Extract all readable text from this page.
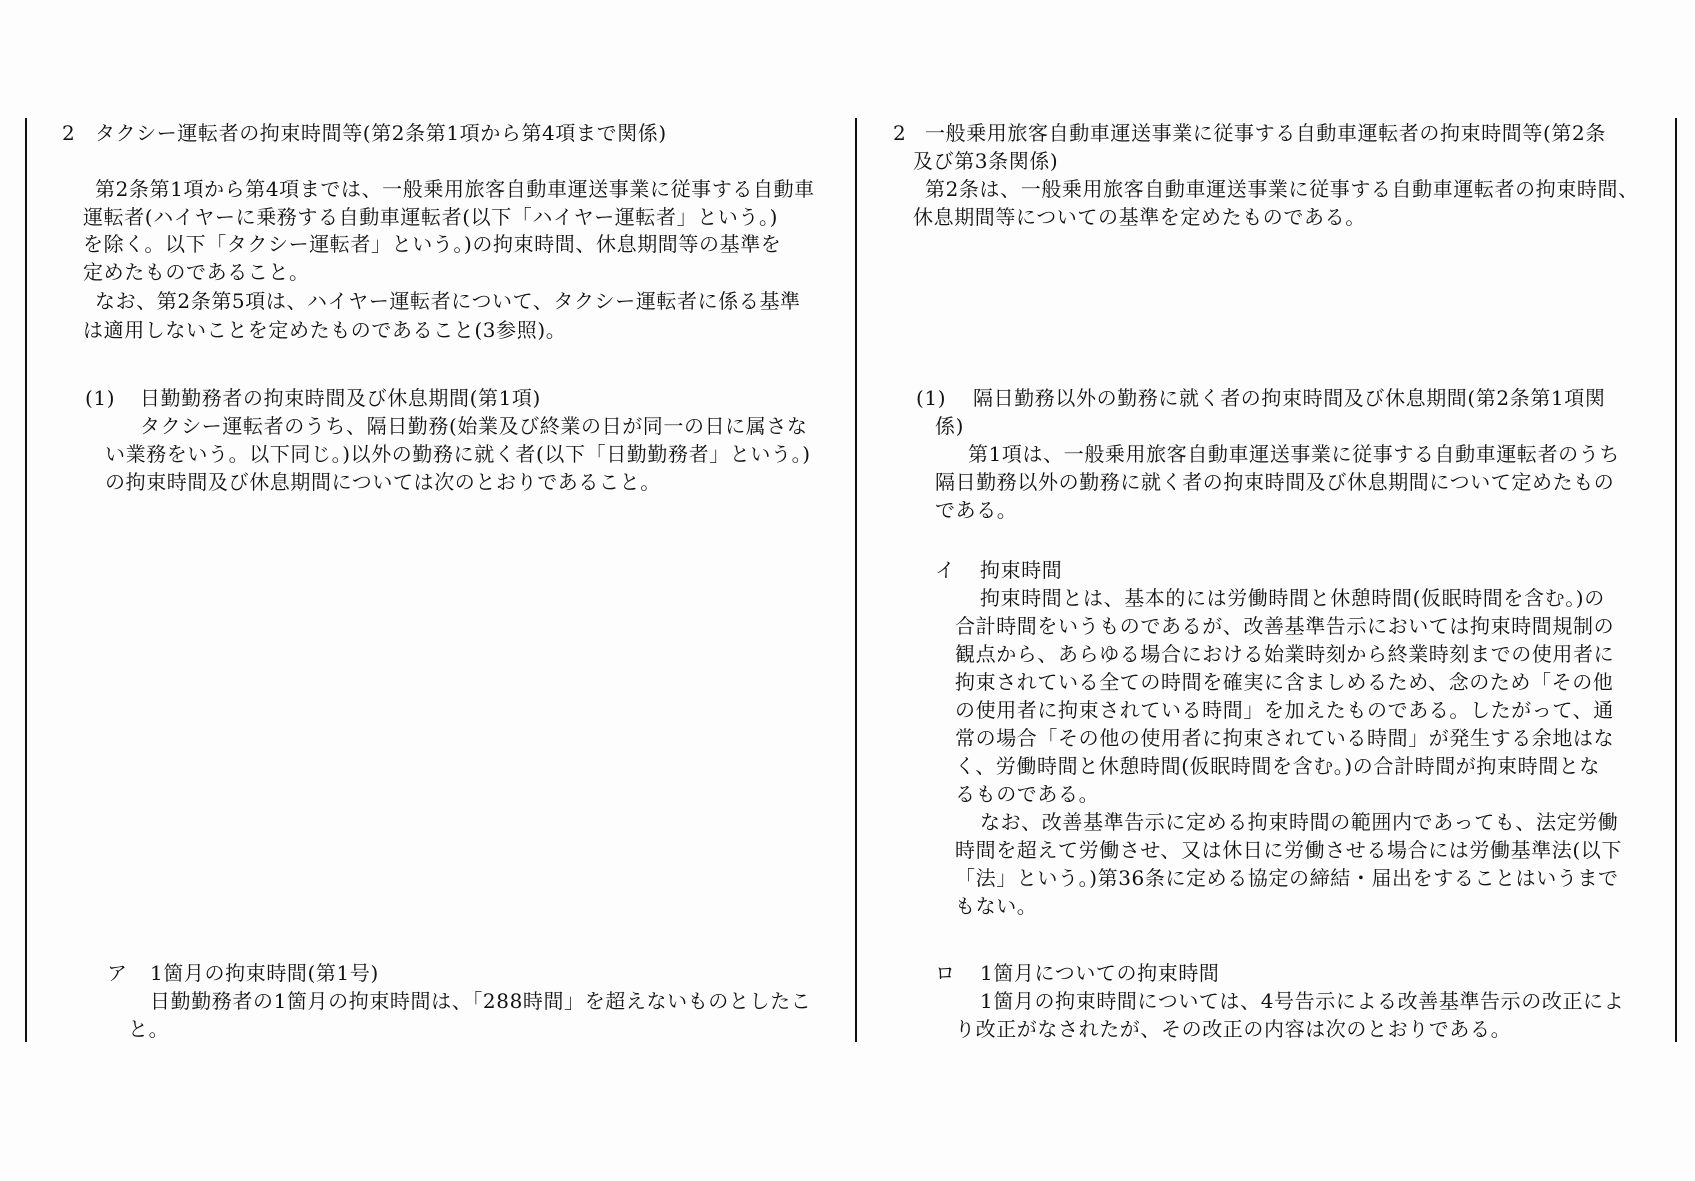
2 タクシー運転者の拘束時間等(第2条第1項から第4項まで関係)
第2条第1項から第4項までは、一般乗用旅客自動車運送事業に従事する自動車
運転者(ハイヤーに乗務する自動車運転者(以下「ハイヤー運転者」という。)
を除く。以下「タクシー運転者」という。)の拘束時間、休息期間等の基準を
定めたものであること。
なお、第2条第5項は、ハイヤー運転者について、タクシー運転者に係る基準
は適用しないことを定めたものであること(3参照)。
(1) 日勤勤務者の拘束時間及び休息期間(第1項)
タクシー運転者のうち、隔日勤務(始業及び終業の日が同一の日に属さな
い業務をいう。以下同じ。)以外の勤務に就く者(以下「日勤勤務者」という。)
の拘束時間及び休息期間については次のとおりであること。
ア 1箇月の拘束時間(第1号)
日勤勤務者の1箇月の拘束時間は、「288時間」を超えないものとしたこ
と。
2 一般乗用旅客自動車運送事業に従事する自動車運転者の拘束時間等(第2条
及び第3条関係)
第2条は、一般乗用旅客自動車運送事業に従事する自動車運転者の拘束時間、
休息期間等についての基準を定めたものである。
(1) 隔日勤務以外の勤務に就く者の拘束時間及び休息期間(第2条第1項関
係)
第1項は、一般乗用旅客自動車運送事業に従事する自動車運転者のうち
隔日勤務以外の勤務に就く者の拘束時間及び休息期間について定めたもの
である。
イ 拘束時間
拘束時間とは、基本的には労働時間と休憩時間(仮眠時間を含む。)の
合計時間をいうものであるが、改善基準告示においては拘束時間規制の
観点から、あらゆる場合における始業時刻から終業時刻までの使用者に
拘束されている全ての時間を確実に含ましめるため、念のため「その他
の使用者に拘束されている時間」を加えたものである。したがって、通
常の場合「その他の使用者に拘束されている時間」が発生する余地はな
く、労働時間と休憩時間(仮眠時間を含む。)の合計時間が拘束時間とな
るものである。
なお、改善基準告示に定める拘束時間の範囲内であっても、法定労働
時間を超えて労働させ、又は休日に労働させる場合には労働基準法(以下
「法」という。)第36条に定める協定の締結・届出をすることはいうまで
もない。
ロ 1箇月についての拘束時間
1箇月の拘束時間については、4号告示による改善基準告示の改正によ
り改正がなされたが、その改正の内容は次のとおりである。
